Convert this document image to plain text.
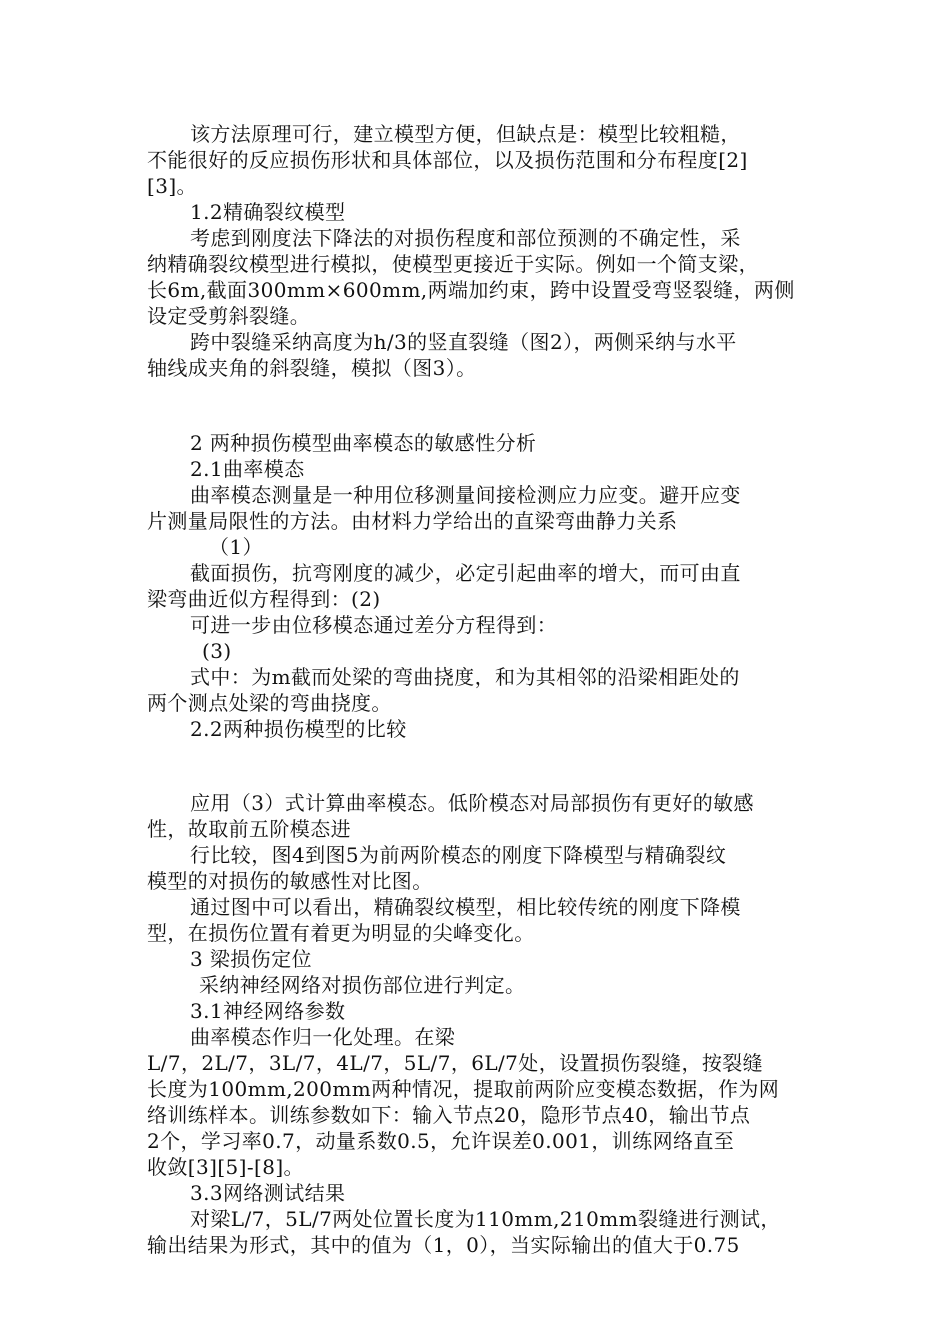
该方法原理可行，建立模型方便，但缺点是：模型比较粗糙，
不能很好的反应损伤形状和具体部位，以及损伤范围和分布程度[2]
[3]。
1.2精确裂纹模型
考虑到刚度法下降法的对损伤程度和部位预测的不确定性，采
纳精确裂纹模型进行模拟，使模型更接近于实际。例如一个简支梁，
长6m,截面300mm×600mm,两端加约束，跨中设置受弯竖裂缝，两侧
设定受剪斜裂缝。
跨中裂缝采纳高度为h/3的竖直裂缝（图2），两侧采纳与水平
轴线成夹角的斜裂缝，模拟（图3）。
2 两种损伤模型曲率模态的敏感性分析
2.1曲率模态
曲率模态测量是一种用位移测量间接检测应力应变。避开应变
片测量局限性的方法。由材料力学给出的直梁弯曲静力关系
（1）
截面损伤，抗弯刚度的减少，必定引起曲率的增大，而可由直
梁弯曲近似方程得到：(2)
可进一步由位移模态通过差分方程得到：
(3)
式中：为m截而处梁的弯曲挠度，和为其相邻的沿梁相距处的
两个测点处梁的弯曲挠度。
2.2两种损伤模型的比较
应用（3）式计算曲率模态。低阶模态对局部损伤有更好的敏感
性，故取前五阶模态进
行比较，图4到图5为前两阶模态的刚度下降模型与精确裂纹
模型的对损伤的敏感性对比图。
通过图中可以看出，精确裂纹模型，相比较传统的刚度下降模
型，在损伤位置有着更为明显的尖峰变化。
3 梁损伤定位
采纳神经网络对损伤部位进行判定。
3.1神经网络参数
曲率模态作归一化处理。在梁
L/7，2L/7，3L/7，4L/7，5L/7，6L/7处，设置损伤裂缝，按裂缝
长度为100mm,200mm两种情况，提取前两阶应变模态数据，作为网
络训练样本。训练参数如下：输入节点20，隐形节点40，输出节点
2个，学习率0.7，动量系数0.5，允许误差0.001，训练网络直至
收敛[3][5]-[8]。
3.3网络测试结果
对梁L/7，5L/7两处位置长度为110mm,210mm裂缝进行测试，
输出结果为形式，其中的值为（1，0），当实际输出的值大于0.75
